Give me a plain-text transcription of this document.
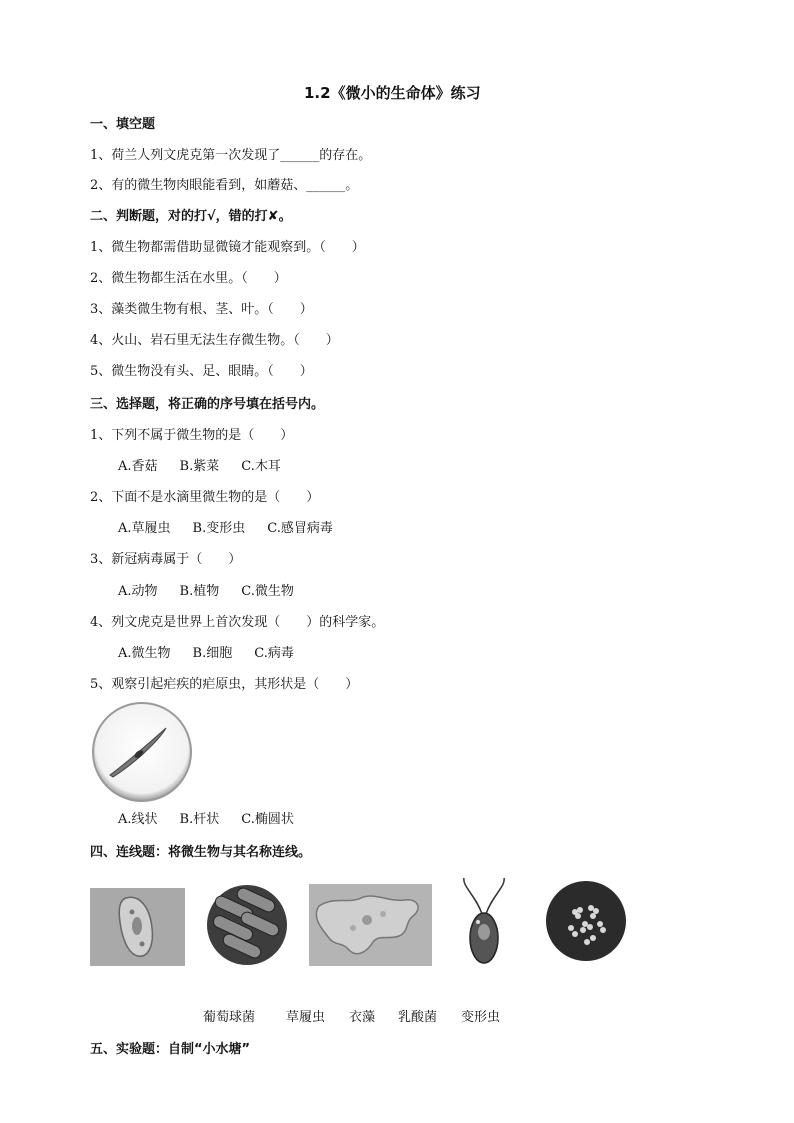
1.2《微小的生命体》练习
一、填空题
1、荷兰人列文虎克第一次发现了______的存在。
2、有的微生物肉眼能看到，如蘑菇、______。
二、判断题，对的打√，错的打✘。
1、微生物都需借助显微镜才能观察到。（　　）
2、微生物都生活在水里。（　　）
3、藻类微生物有根、茎、叶。（　　）
4、火山、岩石里无法生存微生物。（　　）
5、微生物没有头、足、眼睛。（　　）
三、选择题，将正确的序号填在括号内。
1、下列不属于微生物的是（　　）
A.香菇 B.紫菜 C.木耳
2、下面不是水滴里微生物的是（　　）
A.草履虫 B.变形虫 C.感冒病毒
3、新冠病毒属于（　　）
A.动物 B.植物 C.微生物
4、列文虎克是世界上首次发现（　　）的科学家。
A.微生物 B.细胞 C.病毒
5、观察引起疟疾的疟原虫，其形状是（　　）
A.线状 B.杆状 C.椭圆状
四、连线题：将微生物与其名称连线。
葡萄球菌 草履虫 衣藻 乳酸菌 变形虫
五、实验题：自制“小水塘”
